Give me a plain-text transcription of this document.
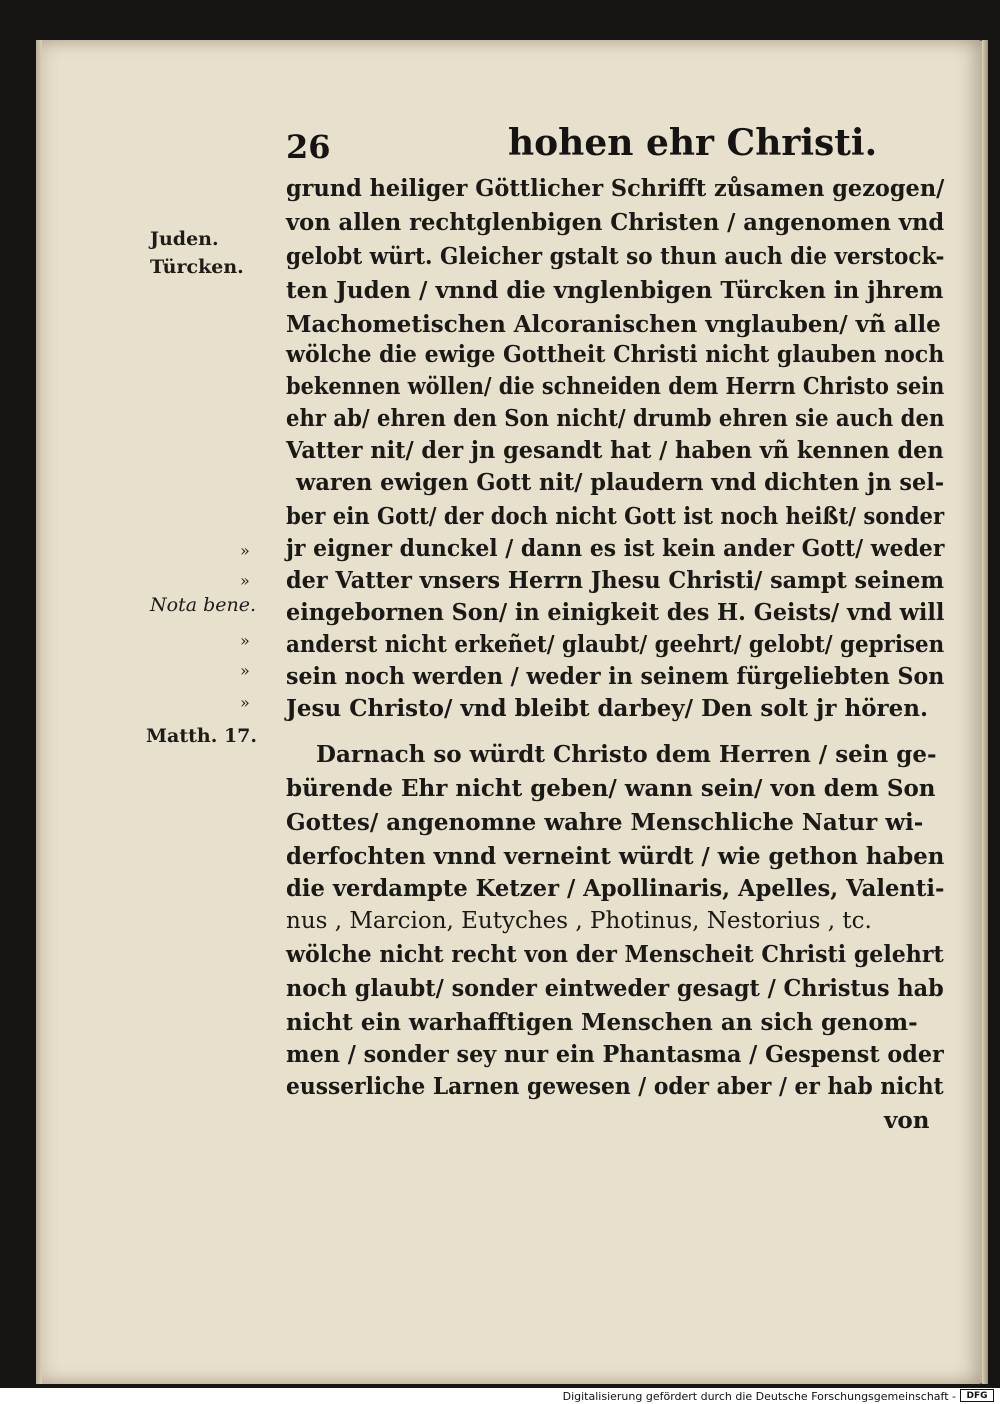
26	hohen ehr Christi.
Juden.
Türcken.
»
»
Nota bene.
»
»
»
Matth. 17.
grund heiliger Göttlicher Schrifft zůsamen gezogen/
von allen rechtglenbigen Christen / angenomen vnd
gelobt würt. Gleicher gstalt so thun auch die verstock-
ten Juden / vnnd die vnglenbigen Türcken in jhrem
Machometischen Alcoranischen vnglauben/ vñ alle
wölche die ewige Gottheit Christi nicht glauben noch
bekennen wöllen/ die schneiden dem Herrn Christo sein
ehr ab/ ehren den Son nicht/ drumb ehren sie auch den
Vatter nit/ der jn gesandt hat / haben vñ kennen den
waren ewigen Gott nit/ plaudern vnd dichten jn sel-
ber ein Gott/ der doch nicht Gott ist noch heißt/ sonder
jr eigner dunckel / dann es ist kein ander Gott/ weder
der Vatter vnsers Herrn Jhesu Christi/ sampt seinem
eingebornen Son/ in einigkeit des H. Geists/ vnd will
anderst nicht erkeñet/ glaubt/ geehrt/ gelobt/ geprisen
sein noch werden / weder in seinem fürgeliebten Son
Jesu Christo/ vnd bleibt darbey/ Den solt jr hören.
Darnach so würdt Christo dem Herren / sein ge-
bürende Ehr nicht geben/ wann sein/ von dem Son
Gottes/ angenomne wahre Menschliche Natur wi-
derfochten vnnd verneint würdt / wie gethon haben
die verdampte Ketzer / Apollinaris, Apelles, Valenti-
nus , Marcion, Eutyches , Photinus, Nestorius , tc.
wölche nicht recht von der Menscheit Christi gelehrt
noch glaubt/ sonder eintweder gesagt / Christus hab
nicht ein warhafftigen Menschen an sich genom-
men / sonder sey nur ein Phantasma / Gespenst oder
eusserliche Larnen gewesen / oder aber / er hab nicht
von
Digitalisierung gefördert durch die Deutsche Forschungsgemeinschaft -	DFG
